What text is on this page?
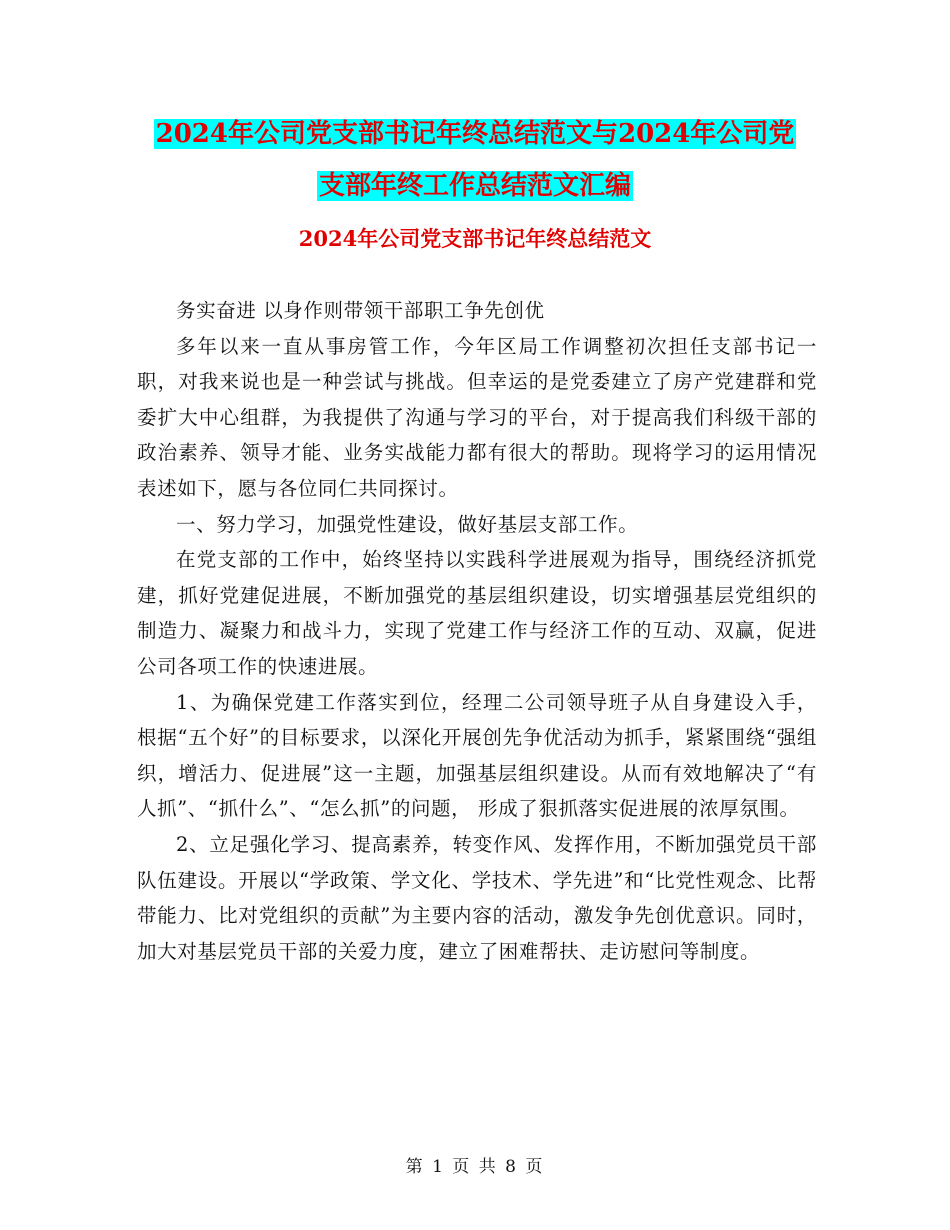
2024年公司党支部书记年终总结范文与2024年公司党
支部年终工作总结范文汇编
2024年公司党支部书记年终总结范文

务实奋进 以身作则带领干部职工争先创优

多年以来一直从事房管工作，今年区局工作调整初次担任支部书记一职，对我来说也是一种尝试与挑战。但幸运的是党委建立了房产党建群和党委扩大中心组群，为我提供了沟通与学习的平台，对于提高我们科级干部的政治素养、领导才能、业务实战能力都有很大的帮助。现将学习的运用情况表述如下，愿与各位同仁共同探讨。

一、努力学习，加强党性建设，做好基层支部工作。

在党支部的工作中，始终坚持以实践科学进展观为指导，围绕经济抓党建，抓好党建促进展，不断加强党的基层组织建设，切实增强基层党组织的制造力、凝聚力和战斗力，实现了党建工作与经济工作的互动、双赢，促进公司各项工作的快速进展。

1、为确保党建工作落实到位，经理二公司领导班子从自身建设入手， 根据“五个好”的目标要求，以深化开展创先争优活动为抓手，紧紧围绕“强组织，增活力、促进展”这一主题，加强基层组织建设。从而有效地解决了“有人抓”、“抓什么”、“怎么抓”的问题， 形成了狠抓落实促进展的浓厚氛围。

2、立足强化学习、提高素养，转变作风、发挥作用，不断加强党员干部队伍建设。开展以“学政策、学文化、学技术、学先进”和“比党性观念、比帮带能力、比对党组织的贡献”为主要内容的活动，激发争先创优意识。同时，加大对基层党员干部的关爱力度，建立了困难帮扶、走访慰问等制度。

第 1 页 共 8 页
